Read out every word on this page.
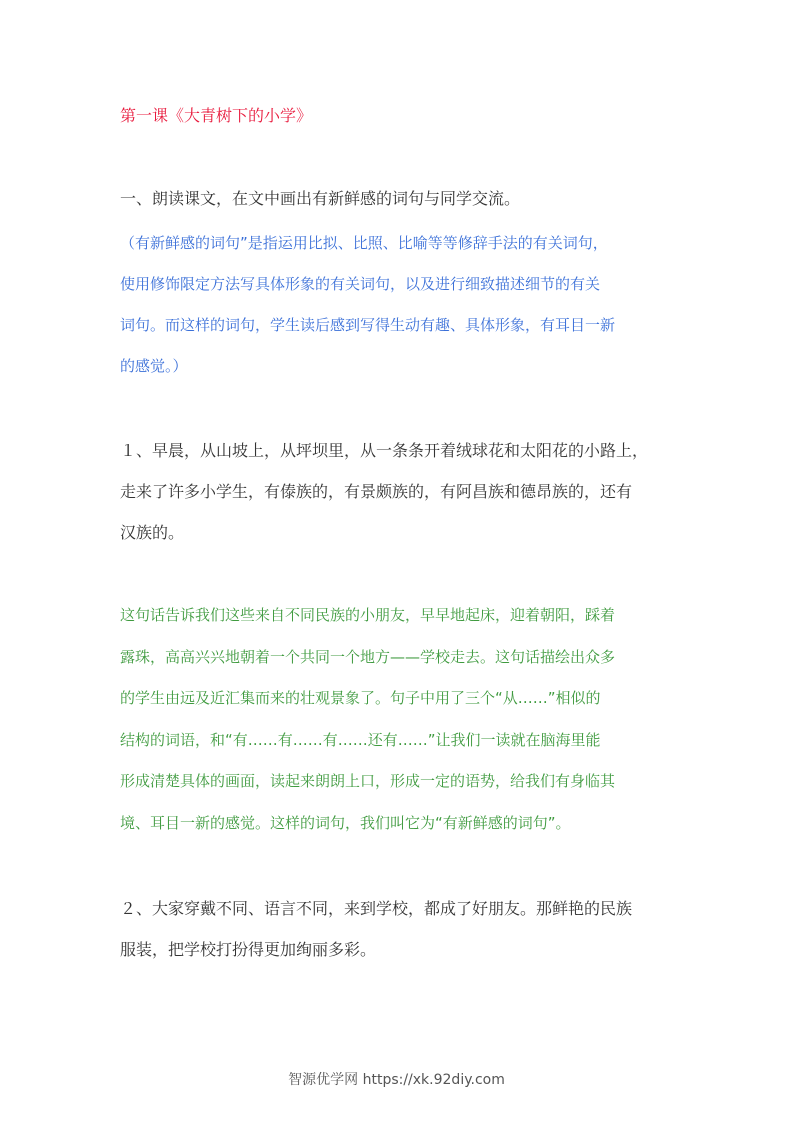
第一课《大青树下的小学》
一、朗读课文，在文中画出有新鲜感的词句与同学交流。
（有新鲜感的词句”是指运用比拟、比照、比喻等等修辞手法的有关词句，
使用修饰限定方法写具体形象的有关词句，以及进行细致描述细节的有关
词句。而这样的词句，学生读后感到写得生动有趣、具体形象，有耳目一新
的感觉。）
１、早晨，从山坡上，从坪坝里，从一条条开着绒球花和太阳花的小路上，
走来了许多小学生，有傣族的，有景颇族的，有阿昌族和德昂族的，还有
汉族的。
这句话告诉我们这些来自不同民族的小朋友，早早地起床，迎着朝阳，踩着
露珠，高高兴兴地朝着一个共同一个地方——学校走去。这句话描绘出众多
的学生由远及近汇集而来的壮观景象了。句子中用了三个“从……”相似的
结构的词语，和“有……有……有……还有……”让我们一读就在脑海里能
形成清楚具体的画面，读起来朗朗上口，形成一定的语势，给我们有身临其
境、耳目一新的感觉。这样的词句，我们叫它为“有新鲜感的词句”。
２、大家穿戴不同、语言不同，来到学校，都成了好朋友。那鲜艳的民族
服装，把学校打扮得更加绚丽多彩。
智源优学网 https://xk.92diy.com
